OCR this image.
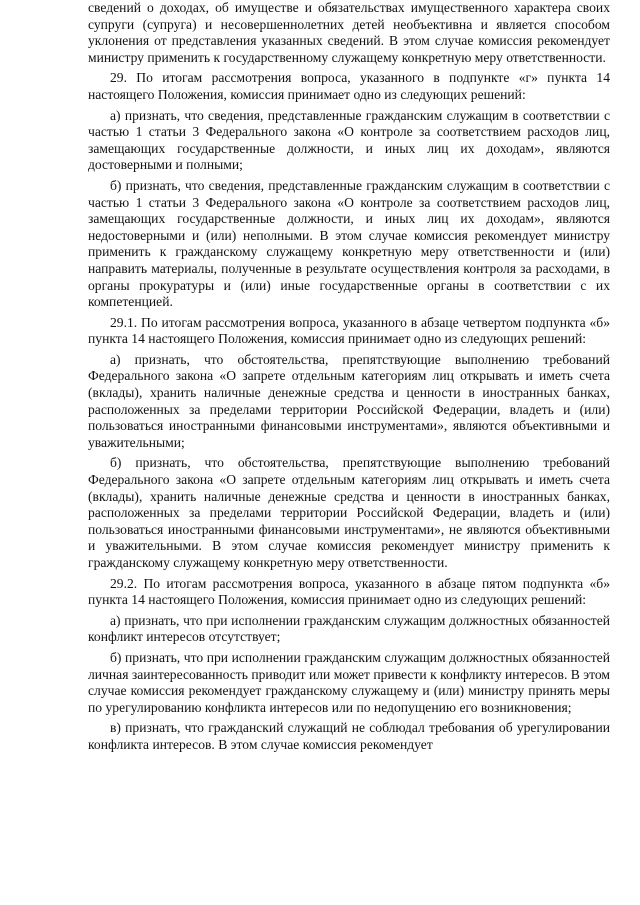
сведений о доходах, об имуществе и обязательствах имущественного характера своих супруги (супруга) и несовершеннолетних детей необъективна и является способом уклонения от представления указанных сведений. В этом случае комиссия рекомендует министру применить к государственному служащему конкретную меру ответственности.

29. По итогам рассмотрения вопроса, указанного в подпункте «г» пункта 14 настоящего Положения, комиссия принимает одно из следующих решений:

а) признать, что сведения, представленные гражданским служащим в соответствии с частью 1 статьи 3 Федерального закона «О контроле за соответствием расходов лиц, замещающих государственные должности, и иных лиц их доходам», являются достоверными и полными;

б) признать, что сведения, представленные гражданским служащим в соответствии с частью 1 статьи 3 Федерального закона «О контроле за соответствием расходов лиц, замещающих государственные должности, и иных лиц их доходам», являются недостоверными и (или) неполными. В этом случае комиссия рекомендует министру применить к гражданскому служащему конкретную меру ответственности и (или) направить материалы, полученные в результате осуществления контроля за расходами, в органы прокуратуры и (или) иные государственные органы в соответствии с их компетенцией.

29.1. По итогам рассмотрения вопроса, указанного в абзаце четвертом подпункта «б» пункта 14 настоящего Положения, комиссия принимает одно из следующих решений:

а) признать, что обстоятельства, препятствующие выполнению требований Федерального закона «О запрете отдельным категориям лиц открывать и иметь счета (вклады), хранить наличные денежные средства и ценности в иностранных банках, расположенных за пределами территории Российской Федерации, владеть и (или) пользоваться иностранными финансовыми инструментами», являются объективными и уважительными;

б) признать, что обстоятельства, препятствующие выполнению требований Федерального закона «О запрете отдельным категориям лиц открывать и иметь счета (вклады), хранить наличные денежные средства и ценности в иностранных банках, расположенных за пределами территории Российской Федерации, владеть и (или) пользоваться иностранными финансовыми инструментами», не являются объективными и уважительными. В этом случае комиссия рекомендует министру применить к гражданскому служащему конкретную меру ответственности.

29.2. По итогам рассмотрения вопроса, указанного в абзаце пятом подпункта «б» пункта 14 настоящего Положения, комиссия принимает одно из следующих решений:

а) признать, что при исполнении гражданским служащим должностных обязанностей конфликт интересов отсутствует;

б) признать, что при исполнении гражданским служащим должностных обязанностей личная заинтересованность приводит или может привести к конфликту интересов. В этом случае комиссия рекомендует гражданскому служащему и (или) министру принять меры по урегулированию конфликта интересов или по недопущению его возникновения;

в) признать, что гражданский служащий не соблюдал требования об урегулировании конфликта интересов. В этом случае комиссия рекомендует
